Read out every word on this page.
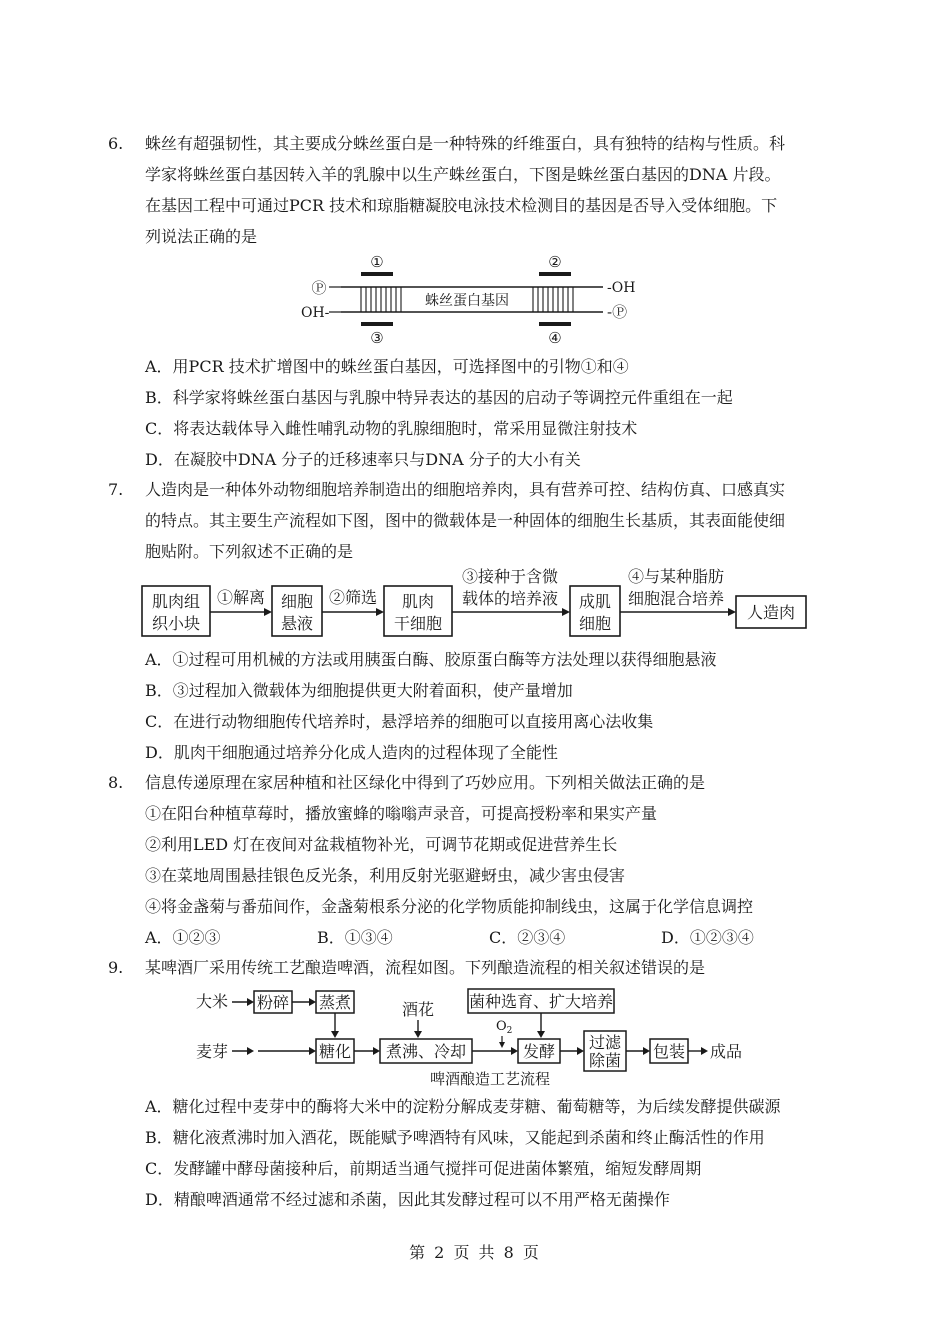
6. 蛛丝有超强韧性，其主要成分蛛丝蛋白是一种特殊的纤维蛋白，具有独特的结构与性质。科
学家将蛛丝蛋白基因转入羊的乳腺中以生产蛛丝蛋白，下图是蛛丝蛋白基因的DNA 片段。
在基因工程中可通过PCR 技术和琼脂糖凝胶电泳技术检测目的基因是否导入受体细胞。下
列说法正确的是
①	②
蛛丝蛋白基因
Ⓟ	-OH
OH-	-Ⓟ
③	④
A．用PCR 技术扩增图中的蛛丝蛋白基因，可选择图中的引物①和④
B．科学家将蛛丝蛋白基因与乳腺中特异表达的基因的启动子等调控元件重组在一起
C．将表达载体导入雌性哺乳动物的乳腺细胞时，常采用显微注射技术
D．在凝胶中DNA 分子的迁移速率只与DNA 分子的大小有关
7. 人造肉是一种体外动物细胞培养制造出的细胞培养肉，具有营养可控、结构仿真、口感真实
的特点。其主要生产流程如下图，图中的微载体是一种固体的细胞生长基质，其表面能使细
胞贴附。下列叙述不正确的是
肌肉组
织小块
①解离 细胞
悬液
②筛选 肌肉
干细胞
③接种于含微
载体的培养液 成肌
细胞
④与某种脂肪
细胞混合培养
人造肉
A．①过程可用机械的方法或用胰蛋白酶、胶原蛋白酶等方法处理以获得细胞悬液
B．③过程加入微载体为细胞提供更大附着面积，使产量增加
C．在进行动物细胞传代培养时，悬浮培养的细胞可以直接用离心法收集
D．肌肉干细胞通过培养分化成人造肉的过程体现了全能性
8. 信息传递原理在家居种植和社区绿化中得到了巧妙应用。下列相关做法正确的是
①在阳台种植草莓时，播放蜜蜂的嗡嗡声录音，可提高授粉率和果实产量
②利用LED 灯在夜间对盆栽植物补光，可调节花期或促进营养生长
③在菜地周围悬挂银色反光条，利用反射光驱避蚜虫，减少害虫侵害
④将金盏菊与番茄间作，金盏菊根系分泌的化学物质能抑制线虫，这属于化学信息调控
A．①②③	B．①③④	C．②③④	D．①②③④
9. 某啤酒厂采用传统工艺酿造啤酒，流程如图。下列酿造流程的相关叙述错误的是
大米 粉碎 蒸煮	酒花 菌种选育、扩大培养
$O_2$
麦芽	糖化 煮沸、冷却	发酵 过滤
除菌 包装 成品
啤酒酿造工艺流程
A．糖化过程中麦芽中的酶将大米中的淀粉分解成麦芽糖、葡萄糖等，为后续发酵提供碳源
B．糖化液煮沸时加入酒花，既能赋予啤酒特有风味，又能起到杀菌和终止酶活性的作用
C．发酵罐中酵母菌接种后，前期适当通气搅拌可促进菌体繁殖，缩短发酵周期
D．精酿啤酒通常不经过滤和杀菌，因此其发酵过程可以不用严格无菌操作
第 2 页 共 8 页
